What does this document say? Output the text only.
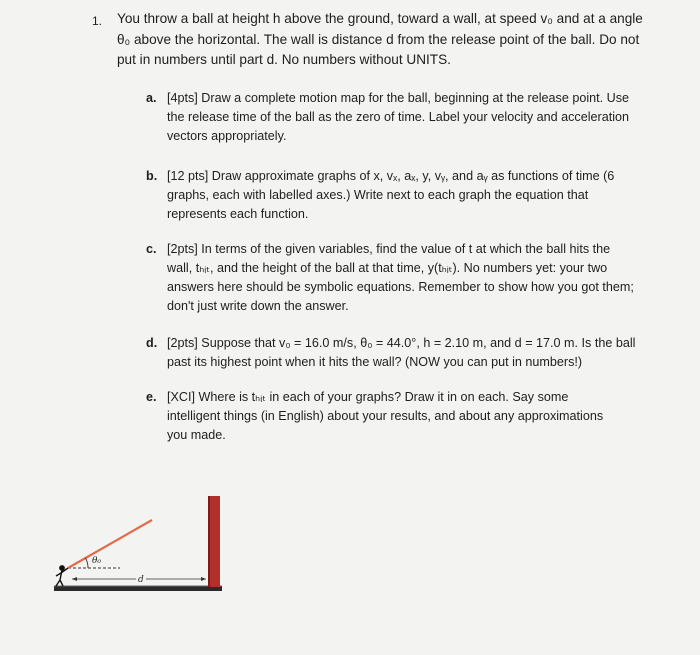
1. You throw a ball at height h above the ground, toward a wall, at speed v₀ and at a angle θ₀ above the horizontal. The wall is distance d from the release point of the ball. Do not put in numbers until part d. No numbers without UNITS.
a. [4pts] Draw a complete motion map for the ball, beginning at the release point. Use the release time of the ball as the zero of time. Label your velocity and acceleration vectors appropriately.
b. [12 pts] Draw approximate graphs of x, vₓ, aₓ, y, vᵧ, and aᵧ as functions of time (6 graphs, each with labelled axes.) Write next to each graph the equation that represents each function.
c. [2pts] In terms of the given variables, find the value of t at which the ball hits the wall, tₕᵢₜ, and the height of the ball at that time, y(tₕᵢₜ). No numbers yet: your two answers here should be symbolic equations. Remember to show how you got them; don't just write down the answer.
d. [2pts] Suppose that v₀ = 16.0 m/s, θ₀ = 44.0°, h = 2.10 m, and d = 17.0 m. Is the ball past its highest point when it hits the wall? (NOW you can put in numbers!)
e. [XCI] Where is tₕᵢₜ in each of your graphs? Draw it in on each. Say some intelligent things (in English) about your results, and about any approximations you made.
θ₀
d
